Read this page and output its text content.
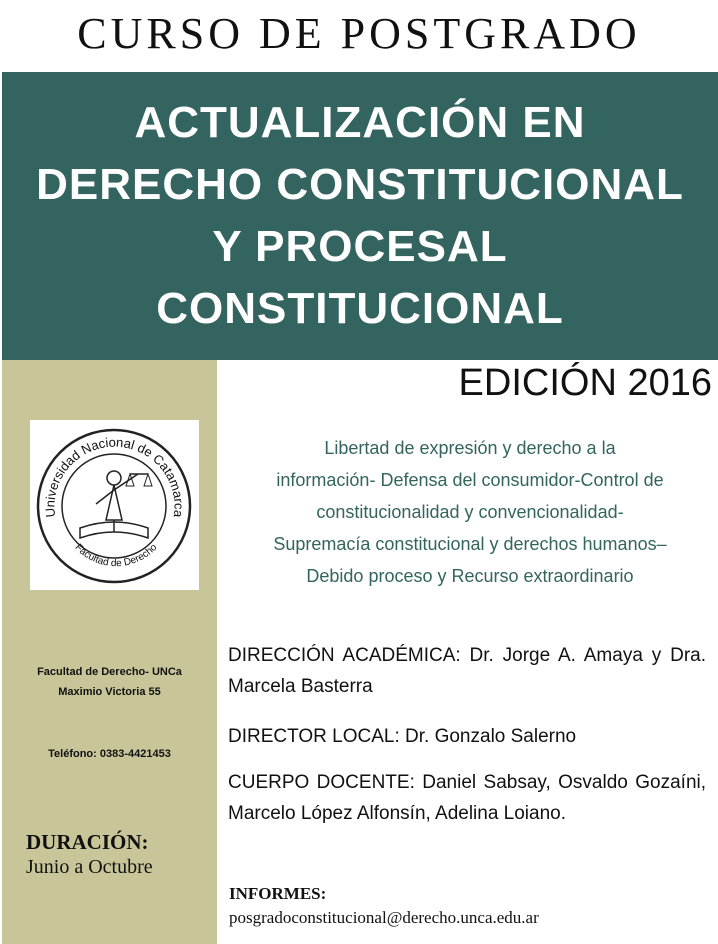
CURSO DE POSTGRADO
ACTUALIZACIÓN EN
DERECHO CONSTITUCIONAL
Y PROCESAL
CONSTITUCIONAL
Universidad Nacional de Catamarca
Facultad de Derecho
Facultad de Derecho- UNCa
Maximio Victoria 55
Teléfono: 0383-4421453
DURACIÓN:
Junio a Octubre
EDICIÓN 2016
Libertad de expresión y derecho a la
información- Defensa del consumidor-Control de
constitucionalidad y convencionalidad-
Supremacía constitucional y derechos humanos–
Debido proceso y Recurso extraordinario
DIRECCIÓN ACADÉMICA: Dr. Jorge A. Amaya y Dra. Marcela Basterra
DIRECTOR LOCAL: Dr. Gonzalo Salerno
CUERPO DOCENTE: Daniel Sabsay, Osvaldo Gozaíni, Marcelo López Alfonsín, Adelina Loiano.
INFORMES:
posgradoconstitucional@derecho.unca.edu.ar
